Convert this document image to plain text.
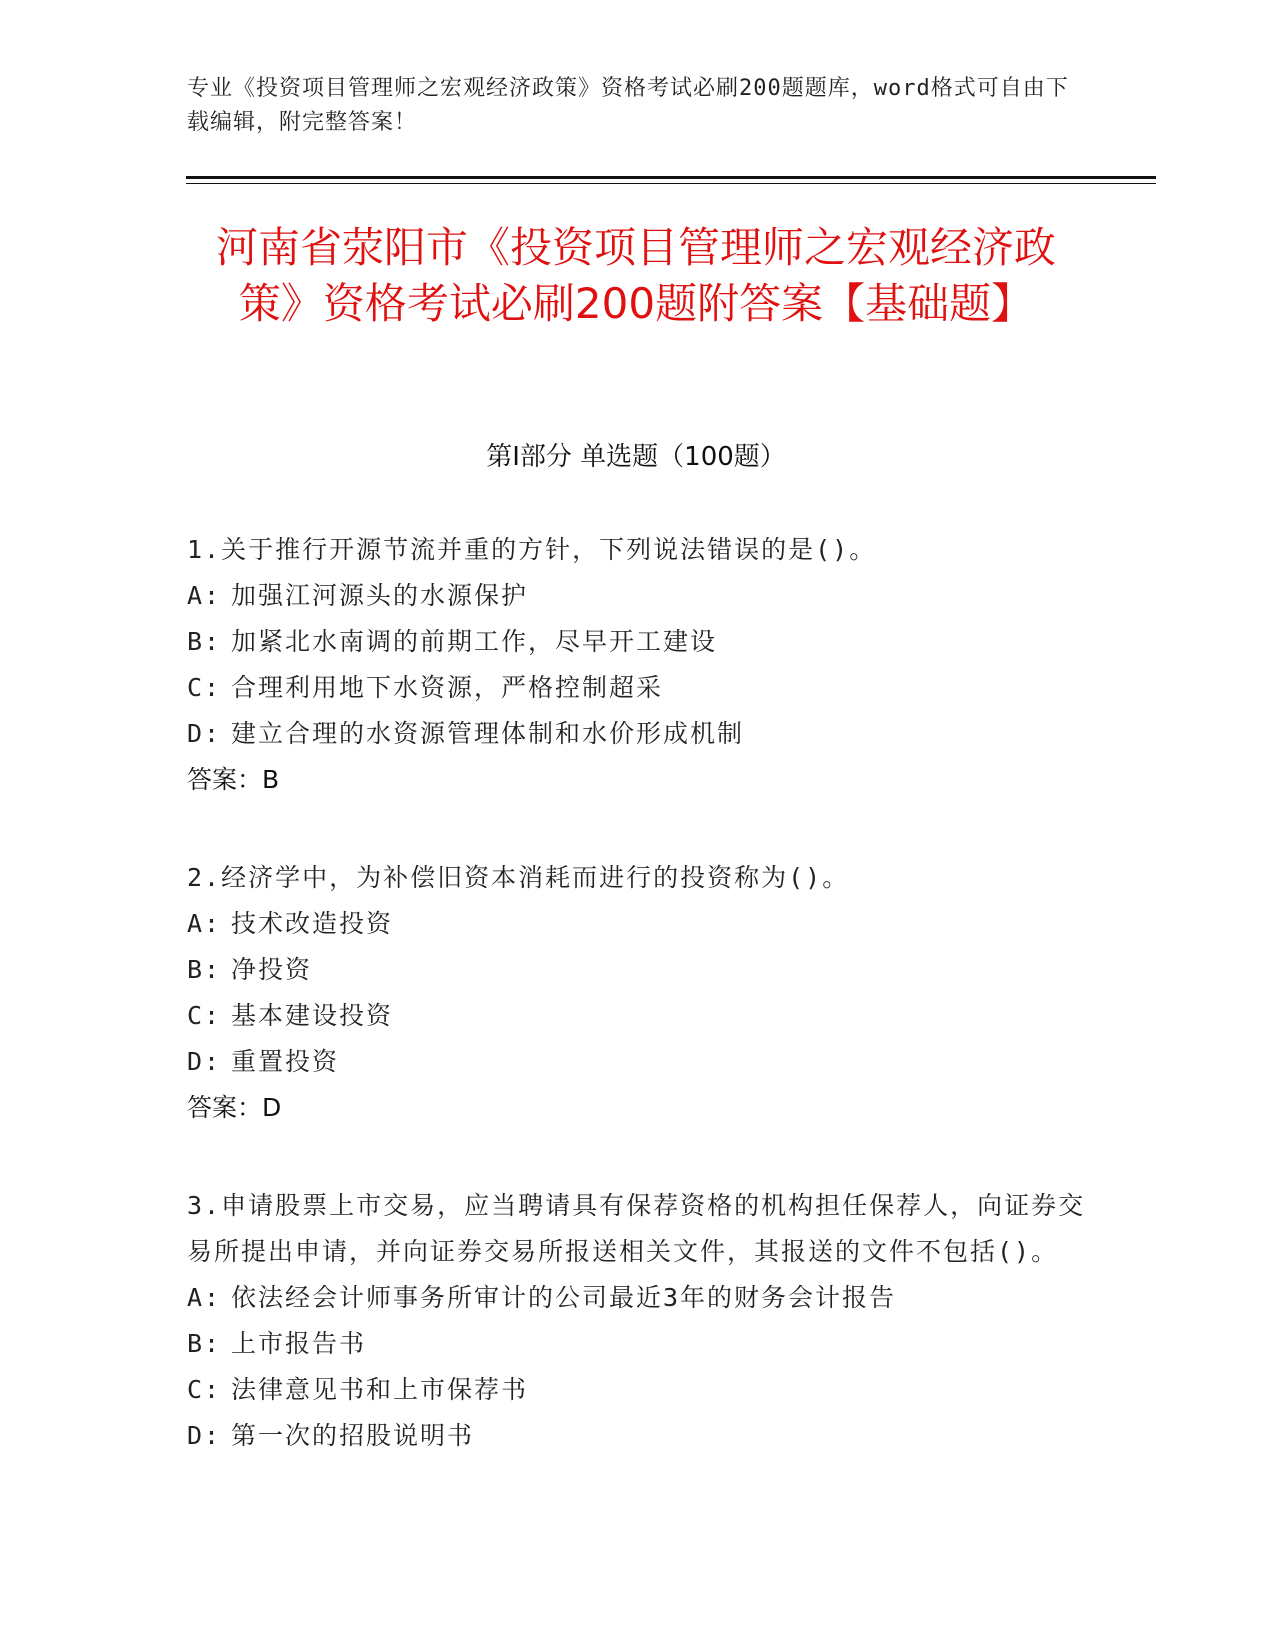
专业《投资项目管理师之宏观经济政策》资格考试必刷200题题库，word格式可自由下载编辑，附完整答案！
河南省荥阳市《投资项目管理师之宏观经济政策》资格考试必刷200题附答案【基础题】
第Ⅰ部分 单选题（100题）
1.关于推行开源节流并重的方针，下列说法错误的是()。
A: 加强江河源头的水源保护
B: 加紧北水南调的前期工作，尽早开工建设
C: 合理利用地下水资源，严格控制超采
D: 建立合理的水资源管理体制和水价形成机制
答案：B
2.经济学中，为补偿旧资本消耗而进行的投资称为()。
A: 技术改造投资
B: 净投资
C: 基本建设投资
D: 重置投资
答案：D
3.申请股票上市交易，应当聘请具有保荐资格的机构担任保荐人，向证券交易所提出申请，并向证券交易所报送相关文件，其报送的文件不包括()。
A: 依法经会计师事务所审计的公司最近3年的财务会计报告
B: 上市报告书
C: 法律意见书和上市保荐书
D: 第一次的招股说明书
